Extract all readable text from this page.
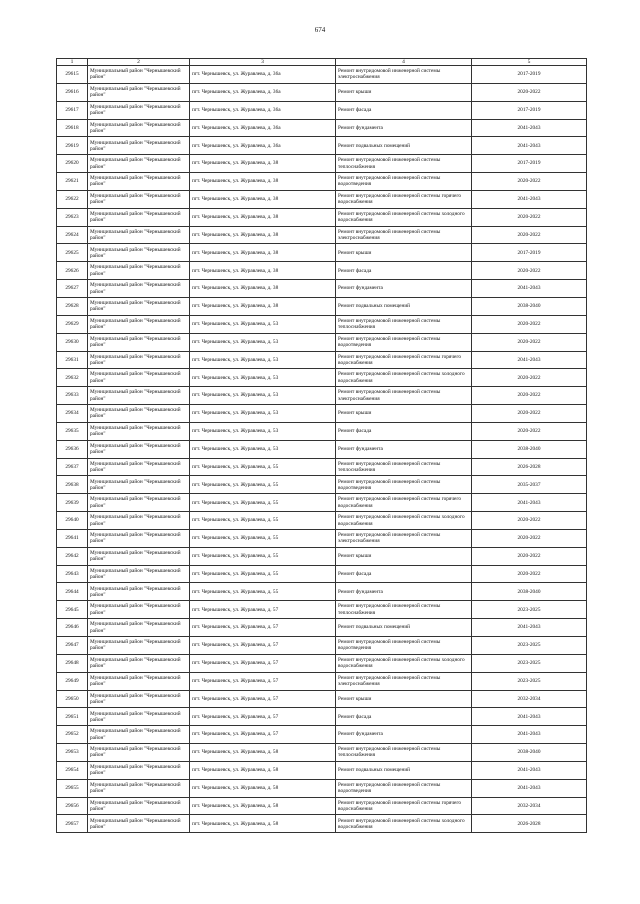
674
1	2	3	4	5
29615	Муниципальный район "Чернышевский район"	пгт. Чернышевск, ул. Журавлева, д. 36а	Ремонт внутридомовой инженерной системы электроснабжения	2017-2019
29616	Муниципальный район "Чернышевский район"	пгт. Чернышевск, ул. Журавлева, д. 36а	Ремонт крыши	2020-2022
29617	Муниципальный район "Чернышевский район"	пгт. Чернышевск, ул. Журавлева, д. 36а	Ремонт фасада	2017-2019
29618	Муниципальный район "Чернышевский район"	пгт. Чернышевск, ул. Журавлева, д. 36а	Ремонт фундамента	2041-2043
29619	Муниципальный район "Чернышевский район"	пгт. Чернышевск, ул. Журавлева, д. 36а	Ремонт подвальных помещений	2041-2043
29620	Муниципальный район "Чернышевский район"	пгт. Чернышевск, ул. Журавлева, д. 38	Ремонт внутридомовой инженерной системы теплоснабжения	2017-2019
29621	Муниципальный район "Чернышевский район"	пгт. Чернышевск, ул. Журавлева, д. 38	Ремонт внутридомовой инженерной системы водоотведения	2020-2022
29622	Муниципальный район "Чернышевский район"	пгт. Чернышевск, ул. Журавлева, д. 38	Ремонт внутридомовой инженерной системы горячего водоснабжения	2041-2043
29623	Муниципальный район "Чернышевский район"	пгт. Чернышевск, ул. Журавлева, д. 38	Ремонт внутридомовой инженерной системы холодного водоснабжения	2020-2022
29624	Муниципальный район "Чернышевский район"	пгт. Чернышевск, ул. Журавлева, д. 38	Ремонт внутридомовой инженерной системы электроснабжения	2020-2022
29625	Муниципальный район "Чернышевский район"	пгт. Чернышевск, ул. Журавлева, д. 38	Ремонт крыши	2017-2019
29626	Муниципальный район "Чернышевский район"	пгт. Чернышевск, ул. Журавлева, д. 38	Ремонт фасада	2020-2022
29627	Муниципальный район "Чернышевский район"	пгт. Чернышевск, ул. Журавлева, д. 38	Ремонт фундамента	2041-2043
29628	Муниципальный район "Чернышевский район"	пгт. Чернышевск, ул. Журавлева, д. 38	Ремонт подвальных помещений	2038-2040
29629	Муниципальный район "Чернышевский район"	пгт. Чернышевск, ул. Журавлева, д. 53	Ремонт внутридомовой инженерной системы теплоснабжения	2020-2022
29630	Муниципальный район "Чернышевский район"	пгт. Чернышевск, ул. Журавлева, д. 53	Ремонт внутридомовой инженерной системы водоотведения	2020-2022
29631	Муниципальный район "Чернышевский район"	пгт. Чернышевск, ул. Журавлева, д. 53	Ремонт внутридомовой инженерной системы горячего водоснабжения	2041-2043
29632	Муниципальный район "Чернышевский район"	пгт. Чернышевск, ул. Журавлева, д. 53	Ремонт внутридомовой инженерной системы холодного водоснабжения	2020-2022
29633	Муниципальный район "Чернышевский район"	пгт. Чернышевск, ул. Журавлева, д. 53	Ремонт внутридомовой инженерной системы электроснабжения	2020-2022
29634	Муниципальный район "Чернышевский район"	пгт. Чернышевск, ул. Журавлева, д. 53	Ремонт крыши	2020-2022
29635	Муниципальный район "Чернышевский район"	пгт. Чернышевск, ул. Журавлева, д. 53	Ремонт фасада	2020-2022
29636	Муниципальный район "Чернышевский район"	пгт. Чернышевск, ул. Журавлева, д. 53	Ремонт фундамента	2038-2040
29637	Муниципальный район "Чернышевский район"	пгт. Чернышевск, ул. Журавлева, д. 55	Ремонт внутридомовой инженерной системы теплоснабжения	2026-2028
29638	Муниципальный район "Чернышевский район"	пгт. Чернышевск, ул. Журавлева, д. 55	Ремонт внутридомовой инженерной системы водоотведения	2035-2037
29639	Муниципальный район "Чернышевский район"	пгт. Чернышевск, ул. Журавлева, д. 55	Ремонт внутридомовой инженерной системы горячего водоснабжения	2041-2043
29640	Муниципальный район "Чернышевский район"	пгт. Чернышевск, ул. Журавлева, д. 55	Ремонт внутридомовой инженерной системы холодного водоснабжения	2020-2022
29641	Муниципальный район "Чернышевский район"	пгт. Чернышевск, ул. Журавлева, д. 55	Ремонт внутридомовой инженерной системы электроснабжения	2020-2022
29642	Муниципальный район "Чернышевский район"	пгт. Чернышевск, ул. Журавлева, д. 55	Ремонт крыши	2020-2022
29643	Муниципальный район "Чернышевский район"	пгт. Чернышевск, ул. Журавлева, д. 55	Ремонт фасада	2020-2022
29644	Муниципальный район "Чернышевский район"	пгт. Чернышевск, ул. Журавлева, д. 55	Ремонт фундамента	2038-2040
29645	Муниципальный район "Чернышевский район"	пгт. Чернышевск, ул. Журавлева, д. 57	Ремонт внутридомовой инженерной системы теплоснабжения	2023-2025
29646	Муниципальный район "Чернышевский район"	пгт. Чернышевск, ул. Журавлева, д. 57	Ремонт подвальных помещений	2041-2043
29647	Муниципальный район "Чернышевский район"	пгт. Чернышевск, ул. Журавлева, д. 57	Ремонт внутридомовой инженерной системы водоотведения	2023-2025
29648	Муниципальный район "Чернышевский район"	пгт. Чернышевск, ул. Журавлева, д. 57	Ремонт внутридомовой инженерной системы холодного водоснабжения	2023-2025
29649	Муниципальный район "Чернышевский район"	пгт. Чернышевск, ул. Журавлева, д. 57	Ремонт внутридомовой инженерной системы электроснабжения	2023-2025
29650	Муниципальный район "Чернышевский район"	пгт. Чернышевск, ул. Журавлева, д. 57	Ремонт крыши	2032-2034
29651	Муниципальный район "Чернышевский район"	пгт. Чернышевск, ул. Журавлева, д. 57	Ремонт фасада	2041-2043
29652	Муниципальный район "Чернышевский район"	пгт. Чернышевск, ул. Журавлева, д. 57	Ремонт фундамента	2041-2043
29653	Муниципальный район "Чернышевский район"	пгт. Чернышевск, ул. Журавлева, д. 58	Ремонт внутридомовой инженерной системы теплоснабжения	2038-2040
29654	Муниципальный район "Чернышевский район"	пгт. Чернышевск, ул. Журавлева, д. 58	Ремонт подвальных помещений	2041-2043
29655	Муниципальный район "Чернышевский район"	пгт. Чернышевск, ул. Журавлева, д. 58	Ремонт внутридомовой инженерной системы водоотведения	2041-2043
29656	Муниципальный район "Чернышевский район"	пгт. Чернышевск, ул. Журавлева, д. 58	Ремонт внутридомовой инженерной системы горячего водоснабжения	2032-2034
29657	Муниципальный район "Чернышевский район"	пгт. Чернышевск, ул. Журавлева, д. 58	Ремонт внутридомовой инженерной системы холодного водоснабжения	2026-2028
